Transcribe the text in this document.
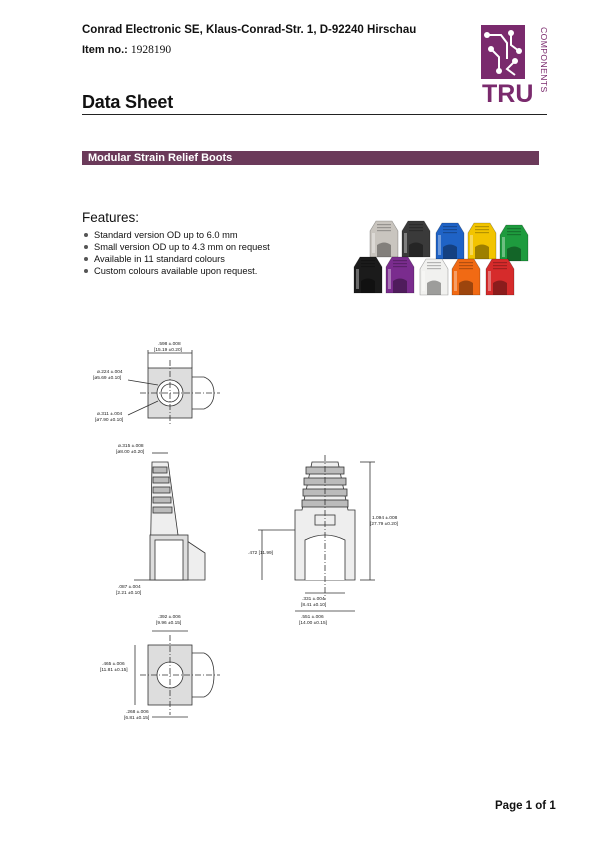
Conrad Electronic SE, Klaus-Conrad-Str. 1, D-92240 Hirschau
Item no.: 1928190
Data Sheet	TRU
COMPONENTS
Modular Strain Relief Boots
Features:
Standard version OD up to 6.0 mm
Small version OD up to 4.3 mm on request
Available in 11 standard colours
Custom colours available upon request.
.598 ±.008
[15.19 ±0.20]
ø.224 ±.004
[ø5.69 ±0.10]
ø.311 ±.004
[ø7.90 ±0.10]
ø.315 ±.008
[ø8.00 ±0.20]
.087 ±.004
[2.21 ±0.10]
1.094 ±.008
[27.79 ±0.20]
.472 [11.99]
.331 ±.004
[8.41 ±0.10]
.551 ±.006
[14.00 ±0.15]
.392 ±.006
[9.96 ±0.15]
.465 ±.006
[11.81 ±0.15]
.268 ±.006
[6.81 ±0.15]
Page 1 of 1
